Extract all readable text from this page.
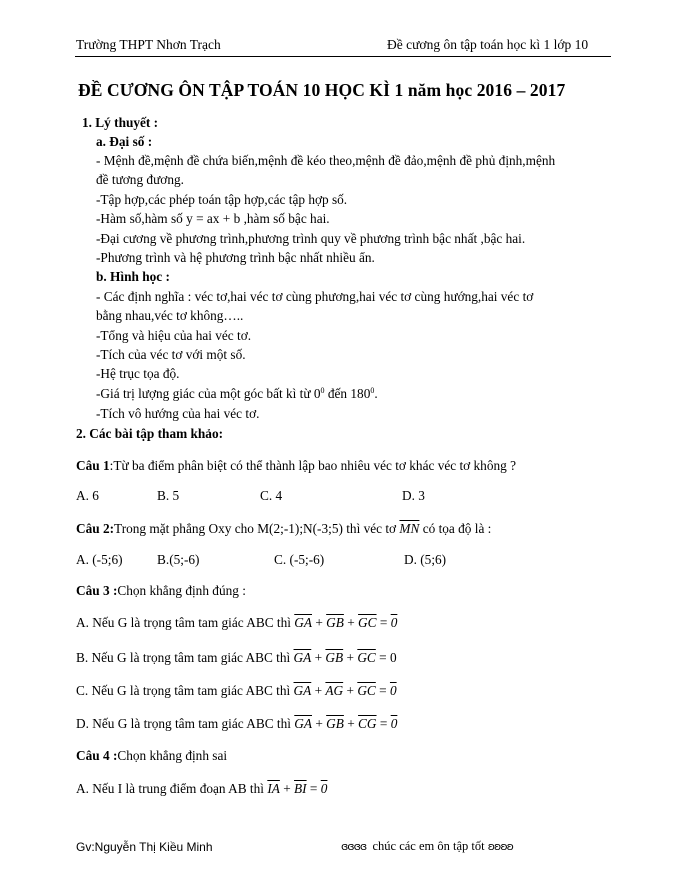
Trường THPT Nhơn Trạch	Đề cương ôn tập toán học kì 1 lớp 10
ĐỀ CƯƠNG ÔN TẬP TOÁN 10 HỌC KÌ 1 năm học 2016 – 2017
1. Lý thuyết :
a. Đại số :
- Mệnh đề,mệnh đề chứa biến,mệnh đề kéo theo,mệnh đề đảo,mệnh đề phủ định,mệnh
đề tương đương.
-Tập hợp,các phép toán tập hợp,các tập hợp số.
-Hàm số,hàm số y = ax + b ,hàm số bậc hai.
-Đại cương về phương trình,phương trình quy về phương trình bậc nhất ,bậc hai.
-Phương trình và hệ phương trình bậc nhất nhiều ẩn.
b. Hình học :
- Các định nghĩa : véc tơ,hai véc tơ cùng phương,hai véc tơ cùng hướng,hai véc tơ
bằng nhau,véc tơ không…..
-Tổng và hiệu của hai véc tơ.
-Tích của véc tơ với một số.
-Hệ trục tọa độ.
-Giá trị lượng giác của một góc bất kì từ $0^0$ đến $180^0$.
-Tích vô hướng của hai véc tơ.
2. Các bài tập tham khảo:
Câu 1:Từ ba điểm phân biệt có thể thành lập bao nhiêu véc tơ khác véc tơ không ?
A. 6	B. 5	C. 4	D. 3
Câu 2:Trong mặt phẳng Oxy cho M(2;-1);N(-3;5) thì véc tơ $\overline{MN}$ có tọa độ là :
A. (-5;6)	B.(5;-6)	C. (-5;-6)	D. (5;6)
Câu 3 :Chọn khẳng định đúng :
A. Nếu G là trọng tâm tam giác ABC thì $\overline{GA} + \overline{GB} + \overline{GC} = 0$
B. Nếu G là trọng tâm tam giác ABC thì $\overline{GA} + \overline{GB} + \overline{GC} = 0$
C. Nếu G là trọng tâm tam giác ABC thì $\overline{GA} + \overline{AG} + \overline{GC} = 0$
D. Nếu G là trọng tâm tam giác ABC thì $\overline{GA} + \overline{GB} + \overline{CG} = 0$
Câu 4 :Chọn khẳng định sai
A. Nếu I là trung điểm đoạn AB thì $\overline{IA} + \overline{BI} = 0$
Gv:Nguyễn Thị Kiều Minh	ɞɞɞɞ chúc các em ôn tập tốt ʚʚʚʚ
